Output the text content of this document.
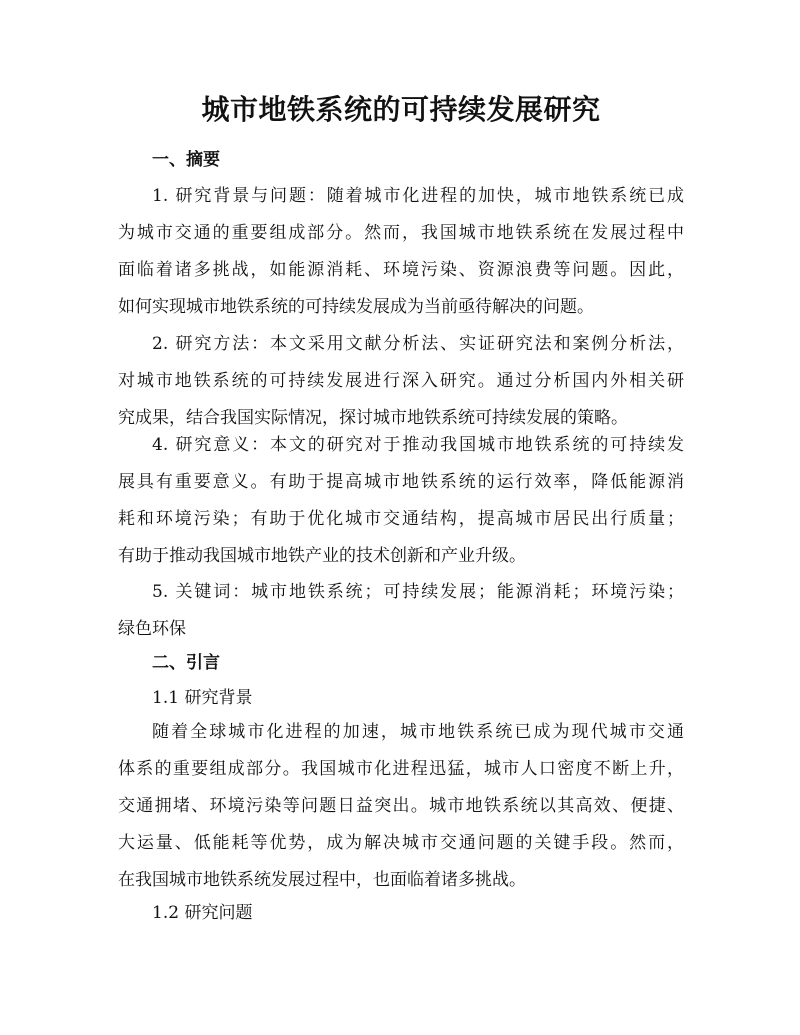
城市地铁系统的可持续发展研究
一、摘要
1. 研究背景与问题：随着城市化进程的加快，城市地铁系统已成
为城市交通的重要组成部分。然而，我国城市地铁系统在发展过程中
面临着诸多挑战，如能源消耗、环境污染、资源浪费等问题。因此，
如何实现城市地铁系统的可持续发展成为当前亟待解决的问题。
2. 研究方法：本文采用文献分析法、实证研究法和案例分析法，
对城市地铁系统的可持续发展进行深入研究。通过分析国内外相关研
究成果，结合我国实际情况，探讨城市地铁系统可持续发展的策略。
4. 研究意义：本文的研究对于推动我国城市地铁系统的可持续发
展具有重要意义。有助于提高城市地铁系统的运行效率，降低能源消
耗和环境污染；有助于优化城市交通结构，提高城市居民出行质量；
有助于推动我国城市地铁产业的技术创新和产业升级。
5. 关键词：城市地铁系统；可持续发展；能源消耗；环境污染；
绿色环保
二、引言
1.1 研究背景
随着全球城市化进程的加速，城市地铁系统已成为现代城市交通
体系的重要组成部分。我国城市化进程迅猛，城市人口密度不断上升，
交通拥堵、环境污染等问题日益突出。城市地铁系统以其高效、便捷、
大运量、低能耗等优势，成为解决城市交通问题的关键手段。然而，
在我国城市地铁系统发展过程中，也面临着诸多挑战。
1.2 研究问题
